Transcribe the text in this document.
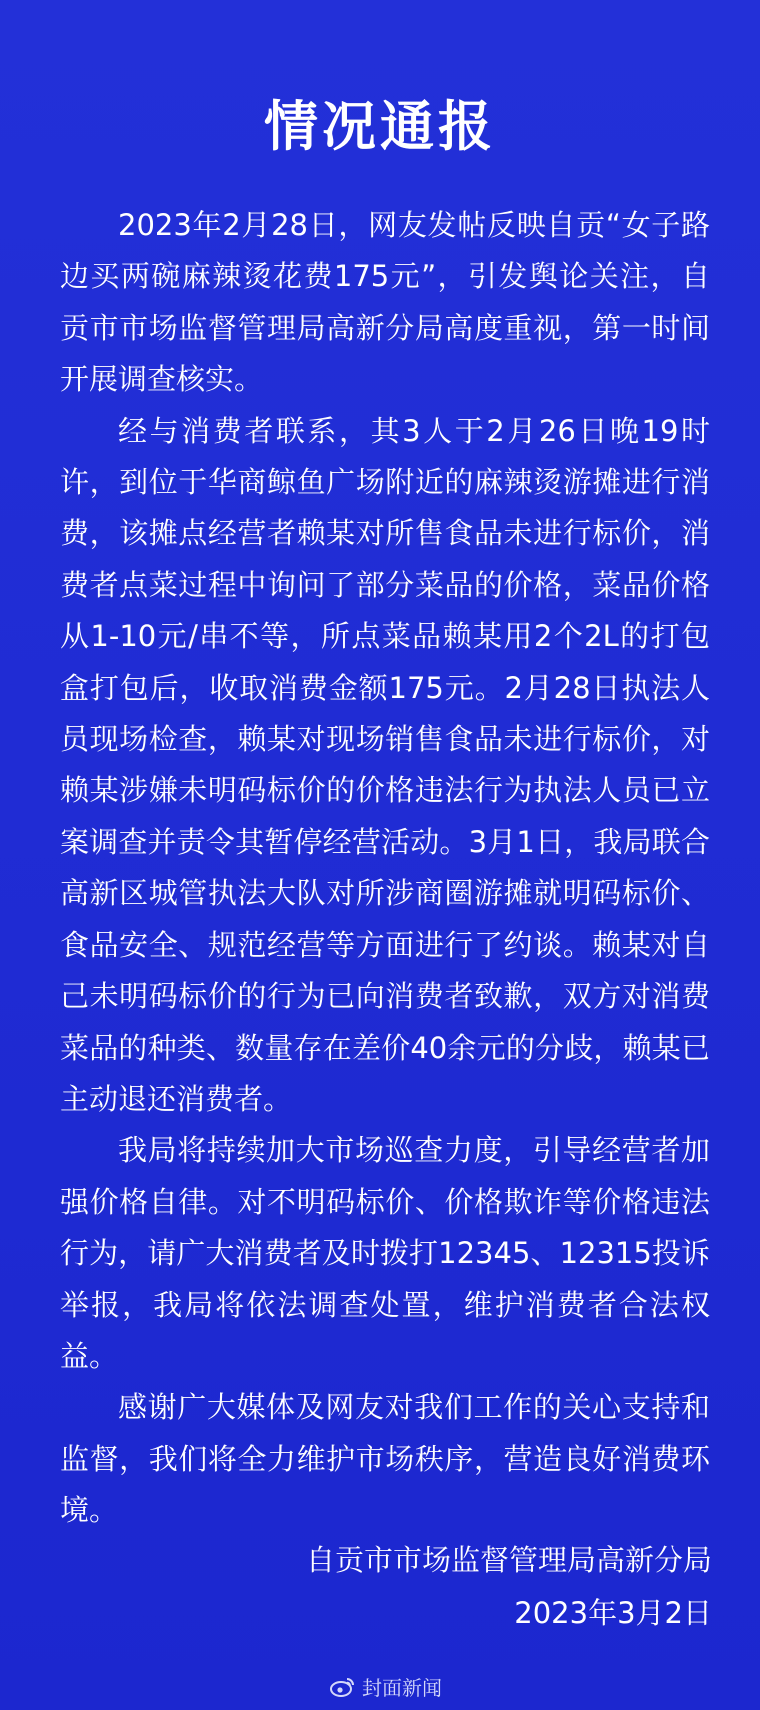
情况通报

2023年2月28日，网友发帖反映自贡“女子路边买两碗麻辣烫花费175元”，引发舆论关注，自贡市市场监督管理局高新分局高度重视，第一时间开展调查核实。

经与消费者联系，其3人于2月26日晚19时许，到位于华商鲸鱼广场附近的麻辣烫游摊进行消费，该摊点经营者赖某对所售食品未进行标价，消费者点菜过程中询问了部分菜品的价格，菜品价格从1-10元/串不等，所点菜品赖某用2个2L的打包盒打包后，收取消费金额175元。2月28日执法人员现场检查，赖某对现场销售食品未进行标价，对赖某涉嫌未明码标价的价格违法行为执法人员已立案调查并责令其暂停经营活动。3月1日，我局联合高新区城管执法大队对所涉商圈游摊就明码标价、食品安全、规范经营等方面进行了约谈。赖某对自己未明码标价的行为已向消费者致歉，双方对消费菜品的种类、数量存在差价40余元的分歧，赖某已主动退还消费者。

我局将持续加大市场巡查力度，引导经营者加强价格自律。对不明码标价、价格欺诈等价格违法行为，请广大消费者及时拨打12345、12315投诉举报，我局将依法调查处置，维护消费者合法权益。

感谢广大媒体及网友对我们工作的关心支持和监督，我们将全力维护市场秩序，营造良好消费环境。

自贡市市场监督管理局高新分局
2023年3月2日
封面新闻
